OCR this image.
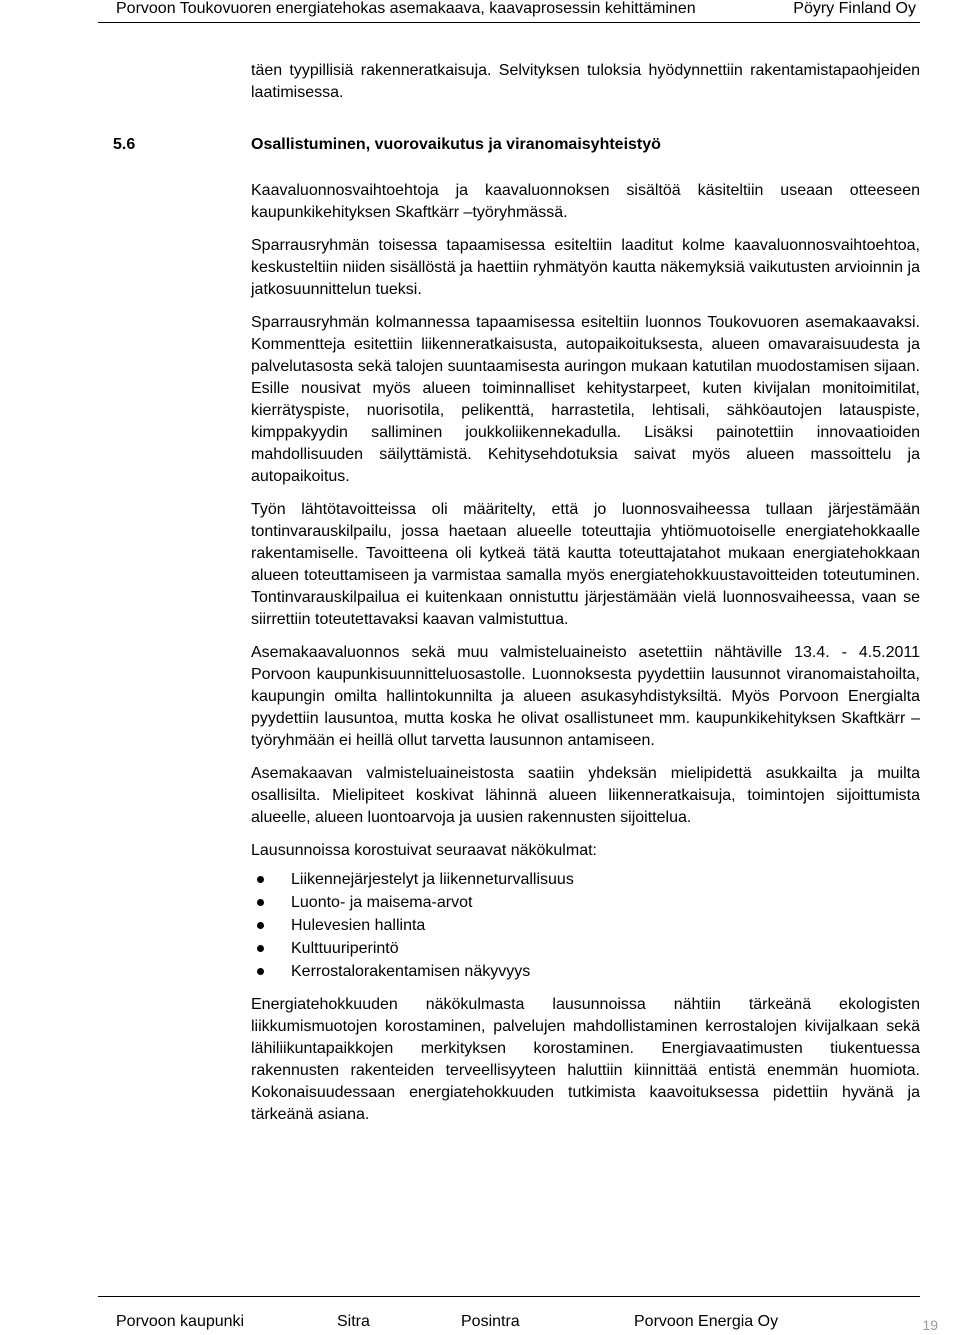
Porvoon Toukovuoren energiatehokas asemakaava, kaavaprosessin kehittäminen	Pöyry Finland Oy

täen tyypillisiä rakenneratkaisuja. Selvityksen tuloksia hyödynnettiin rakentamistapaohjeiden laatimisessa.

5.6	Osallistuminen, vuorovaikutus ja viranomaisyhteistyö

Kaavaluonnosvaihtoehtoja ja kaavaluonnoksen sisältöä käsiteltiin useaan otteeseen kaupunkikehityksen Skaftkärr –työryhmässä.

Sparrausryhmän toisessa tapaamisessa esiteltiin laaditut kolme kaavaluonnosvaihtoehtoa, keskusteltiin niiden sisällöstä ja haettiin ryhmätyön kautta näkemyksiä vaikutusten arvioinnin ja jatkosuunnittelun tueksi.

Sparrausryhmän kolmannessa tapaamisessa esiteltiin luonnos Toukovuoren asemakaavaksi. Kommentteja esitettiin liikenneratkaisusta, autopaikoituksesta, alueen omavaraisuudesta ja palvelutasosta sekä talojen suuntaamisesta auringon mukaan katutilan muodostamisen sijaan. Esille nousivat myös alueen toiminnalliset kehitystarpeet, kuten kivijalan monitoimitilat, kierrätyspiste, nuorisotila, pelikenttä, harrastetila, lehtisali, sähköautojen latauspiste, kimppakyydin salliminen joukkoliikennekadulla. Lisäksi painotettiin innovaatioiden mahdollisuuden säilyttämistä. Kehitysehdotuksia saivat myös alueen massoittelu ja autopaikoitus.

Työn lähtötavoitteissa oli määritelty, että jo luonnosvaiheessa tullaan järjestämään tontinvarauskilpailu, jossa haetaan alueelle toteuttajia yhtiömuotoiselle energiatehokkaalle rakentamiselle. Tavoitteena oli kytkeä tätä kautta toteuttajatahot mukaan energiatehokkaan alueen toteuttamiseen ja varmistaa samalla myös energiatehokkuustavoitteiden toteutuminen. Tontinvarauskilpailua ei kuitenkaan onnistuttu järjestämään vielä luonnosvaiheessa, vaan se siirrettiin toteutettavaksi kaavan valmistuttua.

Asemakaavaluonnos sekä muu valmisteluaineisto asetettiin nähtäville 13.4. - 4.5.2011 Porvoon kaupunkisuunnitteluosastolle. Luonnoksesta pyydettiin lausunnot viranomaistahoilta, kaupungin omilta hallintokunnilta ja alueen asukasyhdistyksiltä. Myös Porvoon Energialta pyydettiin lausuntoa, mutta koska he olivat osallistuneet mm. kaupunkikehityksen Skaftkärr –työryhmään ei heillä ollut tarvetta lausunnon antamiseen.

Asemakaavan valmisteluaineistosta saatiin yhdeksän mielipidettä asukkailta ja muilta osallisilta. Mielipiteet koskivat lähinnä alueen liikenneratkaisuja, toimintojen sijoittumista alueelle, alueen luontoarvoja ja uusien rakennusten sijoittelua.

Lausunnoissa korostuivat seuraavat näkökulmat:

Liikennejärjestelyt ja liikenneturvallisuus
Luonto- ja maisema-arvot
Hulevesien hallinta
Kulttuuriperintö
Kerrostalorakentamisen näkyvyys

Energiatehokkuuden näkökulmasta lausunnoissa nähtiin tärkeänä ekologisten liikkumismuotojen korostaminen, palvelujen mahdollistaminen kerrostalojen kivijalkaan sekä lähiliikuntapaikkojen merkityksen korostaminen. Energiavaatimusten tiukentuessa rakennusten rakenteiden terveellisyyteen haluttiin kiinnittää entistä enemmän huomiota. Kokonaisuudessaan energiatehokkuuden tutkimista kaavoituksessa pidettiin hyvänä ja tärkeänä asiana.

Porvoon kaupunki	Sitra	Posintra	Porvoon Energia Oy	19
